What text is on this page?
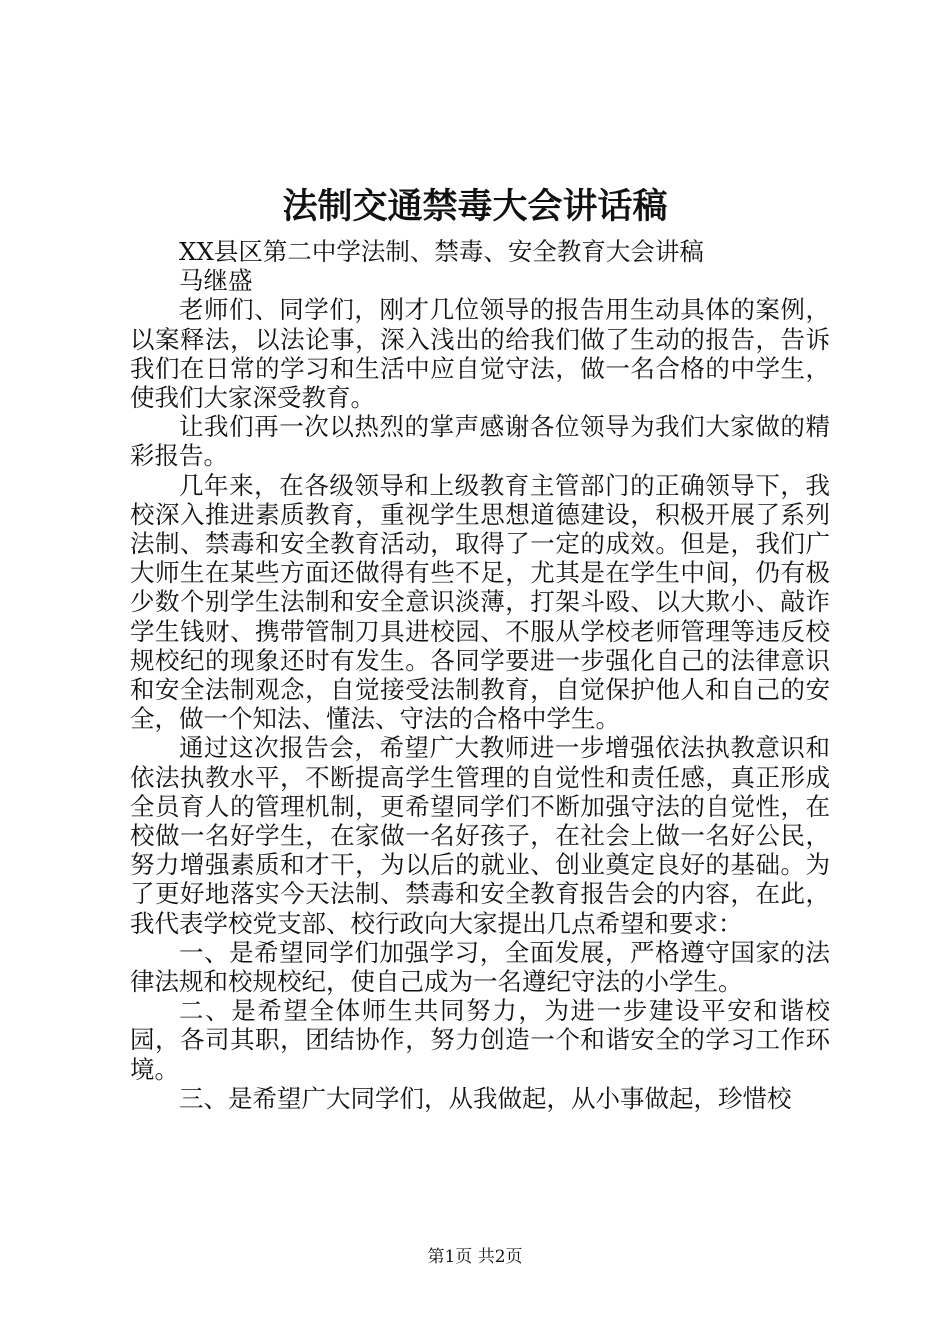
法制交通禁毒大会讲话稿

XX县区第二中学法制、禁毒、安全教育大会讲稿

马继盛

老师们、同学们，刚才几位领导的报告用生动具体的案例，以案释法，以法论事，深入浅出的给我们做了生动的报告，告诉我们在日常的学习和生活中应自觉守法，做一名合格的中学生，使我们大家深受教育。

让我们再一次以热烈的掌声感谢各位领导为我们大家做的精彩报告。

几年来，在各级领导和上级教育主管部门的正确领导下，我校深入推进素质教育，重视学生思想道德建设，积极开展了系列法制、禁毒和安全教育活动，取得了一定的成效。但是，我们广大师生在某些方面还做得有些不足，尤其是在学生中间，仍有极少数个别学生法制和安全意识淡薄，打架斗殴、以大欺小、敲诈学生钱财、携带管制刀具进校园、不服从学校老师管理等违反校规校纪的现象还时有发生。各同学要进一步强化自己的法律意识和安全法制观念，自觉接受法制教育，自觉保护他人和自己的安全，做一个知法、懂法、守法的合格中学生。

通过这次报告会，希望广大教师进一步增强依法执教意识和依法执教水平，不断提高学生管理的自觉性和责任感，真正形成全员育人的管理机制，更希望同学们不断加强守法的自觉性，在校做一名好学生，在家做一名好孩子，在社会上做一名好公民，努力增强素质和才干，为以后的就业、创业奠定良好的基础。为了更好地落实今天法制、禁毒和安全教育报告会的内容，在此，我代表学校党支部、校行政向大家提出几点希望和要求：

一、是希望同学们加强学习，全面发展，严格遵守国家的法律法规和校规校纪，使自己成为一名遵纪守法的小学生。

二、是希望全体师生共同努力，为进一步建设平安和谐校园，各司其职，团结协作，努力创造一个和谐安全的学习工作环境。

三、是希望广大同学们，从我做起，从小事做起，珍惜校

第1页 共2页
